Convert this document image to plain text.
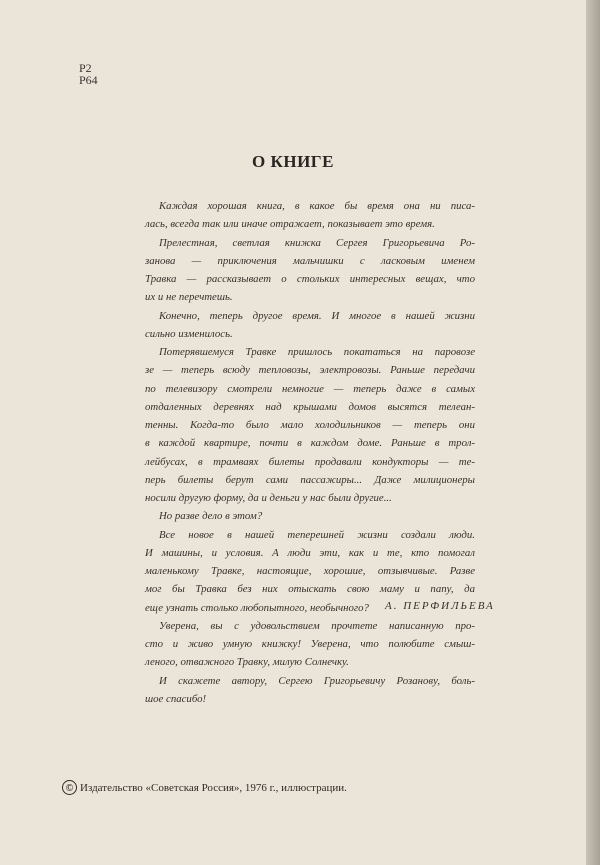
Р2
Р64
О КНИГЕ
Каждая хорошая книга, в какое бы время она ни писа-
лась, всегда так или иначе отражает, показывает это время.
Прелестная, светлая книжка Сергея Григорьевича Ро-
занова — приключения мальчишки с ласковым именем
Травка — рассказывает о стольких интересных вещах, что
их и не перечтешь.
Конечно, теперь другое время. И многое в нашей жизни
сильно изменилось.
Потерявшемуся Травке пришлось покататься на паровозе
зе — теперь всюду тепловозы, электровозы. Раньше передачи
по телевизору смотрели немногие — теперь даже в самых
отдаленных деревнях над крышами домов высятся телеан-
тенны. Когда-то было мало холодильников — теперь они
в каждой квартире, почти в каждом доме. Раньше в трол-
лейбусах, в трамваях билеты продавали кондукторы — те-
перь билеты берут сами пассажиры... Даже милиционеры
носили другую форму, да и деньги у нас были другие...
Но разве дело в этом?
Все новое в нашей теперешней жизни создали люди.
И машины, и условия. А люди эти, как и те, кто помогал
маленькому Травке, настоящие, хорошие, отзывчивые. Разве
мог бы Травка без них отыскать свою маму и папу, да
еще узнать столько любопытного, необычного?
Уверена, вы с удовольствием прочтете написанную про-
сто и живо умную книжку! Уверена, что полюбите смыш-
леного, отважного Травку, милую Солнечку.
И скажете автору, Сергею Григорьевичу Розанову, боль-
шое спасибо!
А. ПЕРФИЛЬЕВА
© Издательство «Советская Россия», 1976 г., иллюстрации.
